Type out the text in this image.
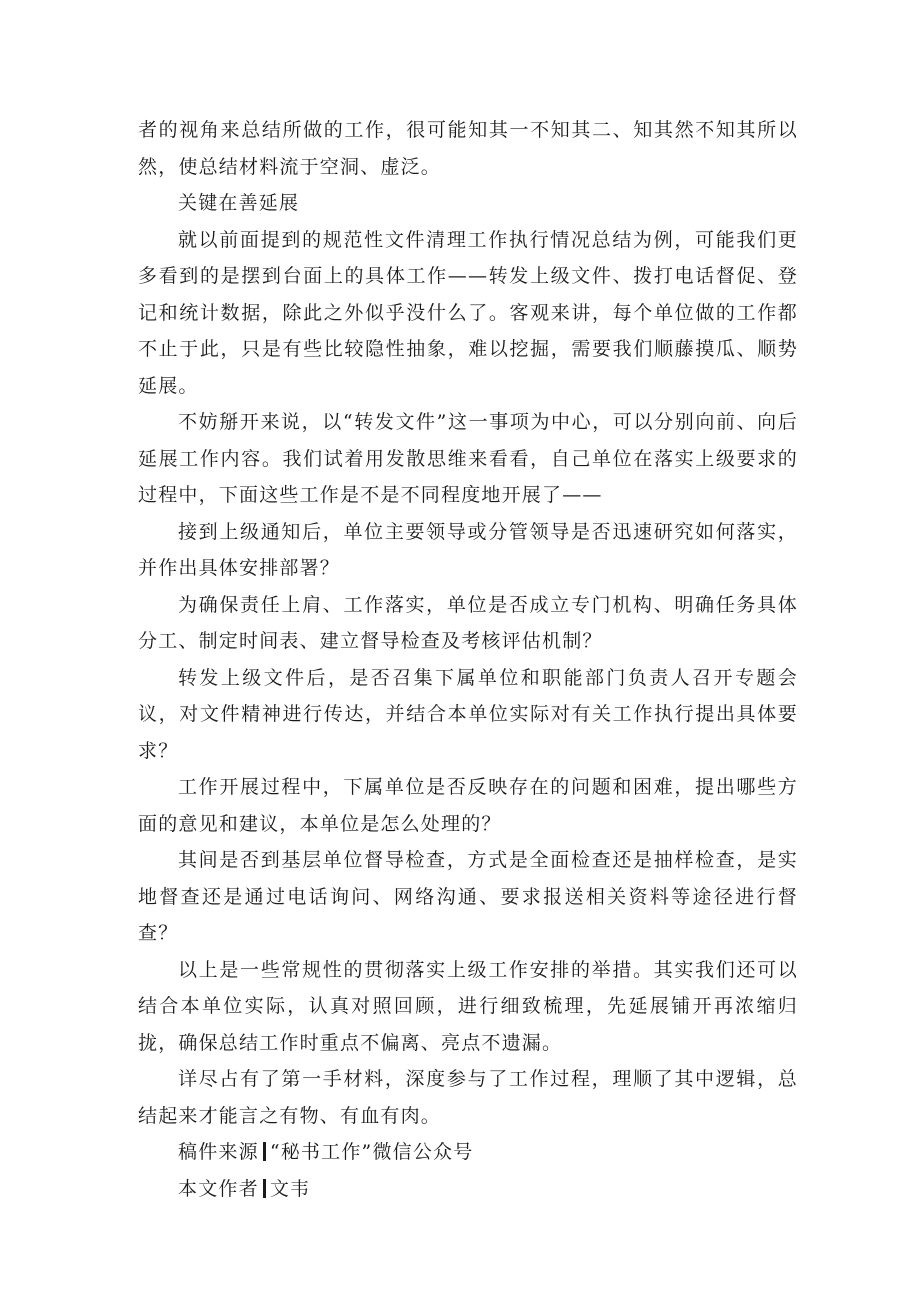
者的视角来总结所做的工作，很可能知其一不知其二、知其然不知其所以然，使总结材料流于空洞、虚泛。

关键在善延展

就以前面提到的规范性文件清理工作执行情况总结为例，可能我们更多看到的是摆到台面上的具体工作——转发上级文件、拨打电话督促、登记和统计数据，除此之外似乎没什么了。客观来讲，每个单位做的工作都不止于此，只是有些比较隐性抽象，难以挖掘，需要我们顺藤摸瓜、顺势延展。

不妨掰开来说，以“转发文件”这一事项为中心，可以分别向前、向后延展工作内容。我们试着用发散思维来看看，自己单位在落实上级要求的过程中，下面这些工作是不是不同程度地开展了——

接到上级通知后，单位主要领导或分管领导是否迅速研究如何落实，并作出具体安排部署？

为确保责任上肩、工作落实，单位是否成立专门机构、明确任务具体分工、制定时间表、建立督导检查及考核评估机制？

转发上级文件后，是否召集下属单位和职能部门负责人召开专题会议，对文件精神进行传达，并结合本单位实际对有关工作执行提出具体要求？

工作开展过程中，下属单位是否反映存在的问题和困难，提出哪些方面的意见和建议，本单位是怎么处理的？

其间是否到基层单位督导检查，方式是全面检查还是抽样检查，是实地督查还是通过电话询问、网络沟通、要求报送相关资料等途径进行督查？

以上是一些常规性的贯彻落实上级工作安排的举措。其实我们还可以结合本单位实际，认真对照回顾，进行细致梳理，先延展铺开再浓缩归拢，确保总结工作时重点不偏离、亮点不遗漏。

详尽占有了第一手材料，深度参与了工作过程，理顺了其中逻辑，总结起来才能言之有物、有血有肉。

稿件来源 “秘书工作”微信公众号

本文作者 文韦
